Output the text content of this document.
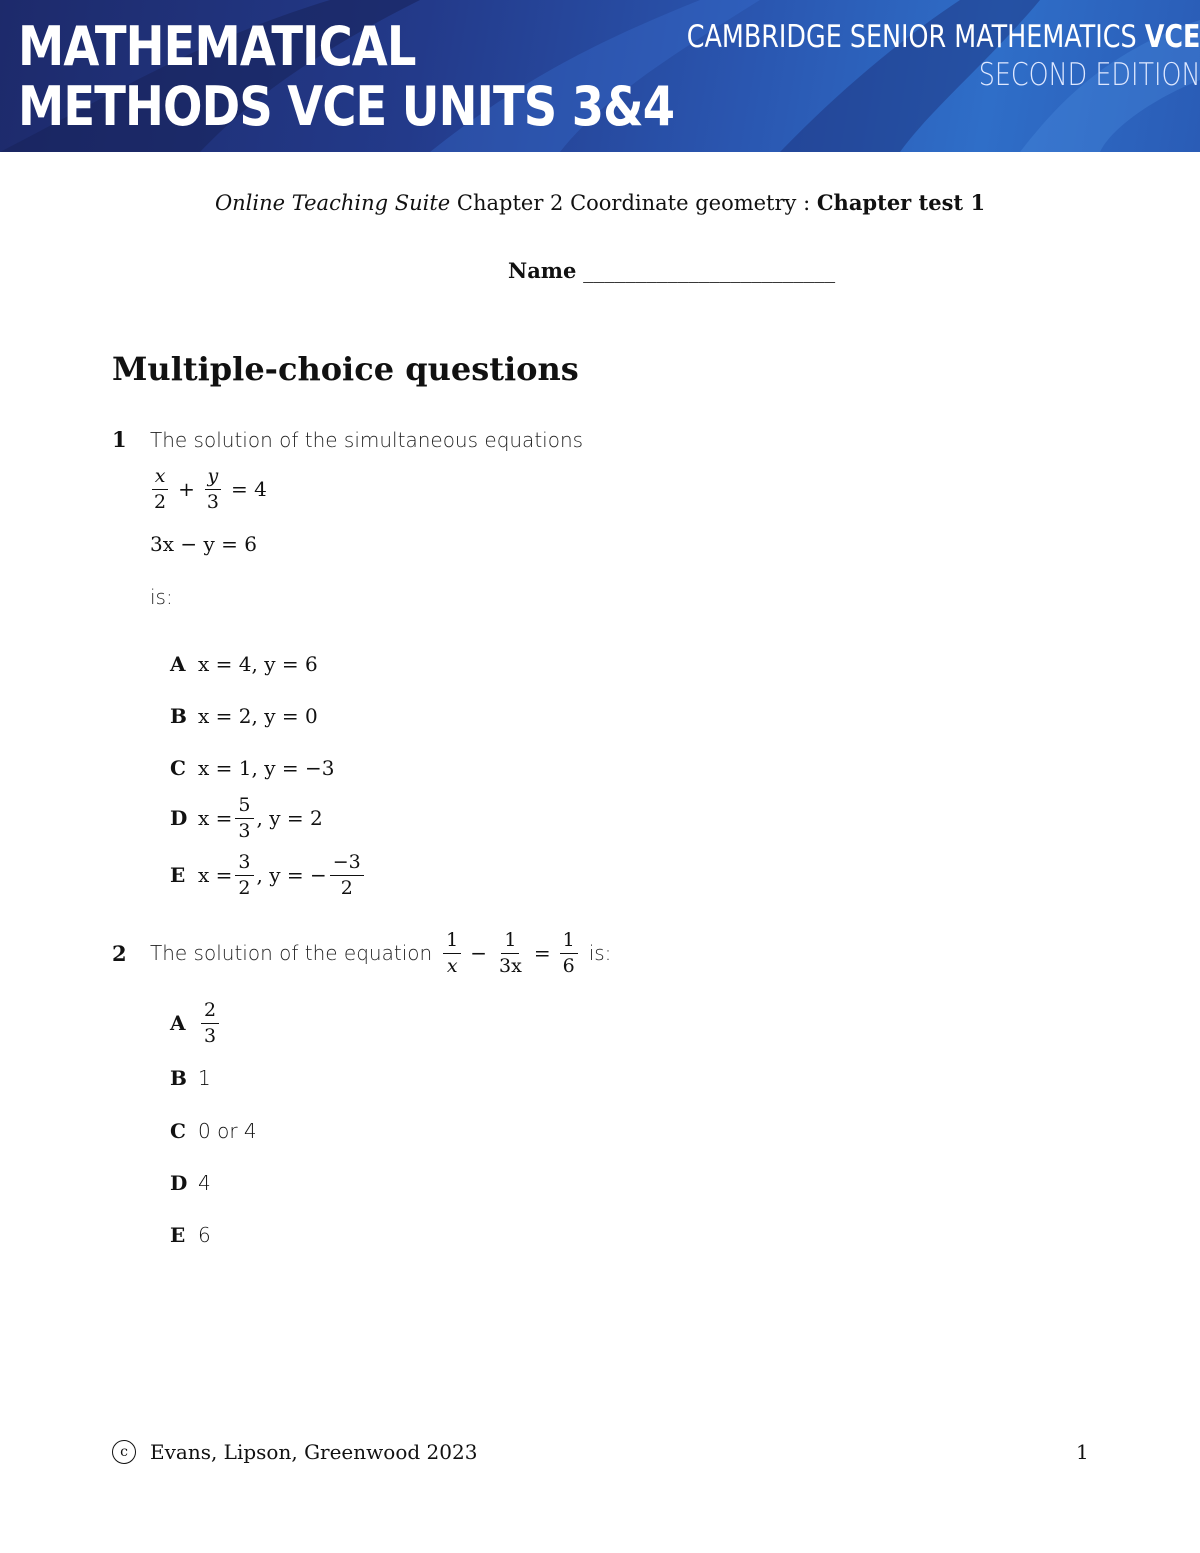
MATHEMATICAL
METHODS VCE UNITS 3&4
CAMBRIDGE SENIOR MATHEMATICS VCE
SECOND EDITION
Online Teaching Suite Chapter 2 Coordinate geometry : Chapter test 1
Name ________________________
Multiple-choice questions
1 The solution of the simultaneous equations
$\frac{x}{2} + \frac{y}{3} = 4$
3x − y = 6
is:
A x = 4, y = 6
B x = 2, y = 0
C x = 1, y = −3
D $x = \frac{5}{3}$ , y = 2
E $x = \frac{3}{2}$ , y = − $\frac{-3}{2}$
2 The solution of the equation $\frac{1}{x} - \frac{1}{3x} = \frac{1}{6}$ is:
A $\frac{2}{3}$
B 1
C 0 or 4
D 4
E 6
c	Evans, Lipson, Greenwood 2023	1
